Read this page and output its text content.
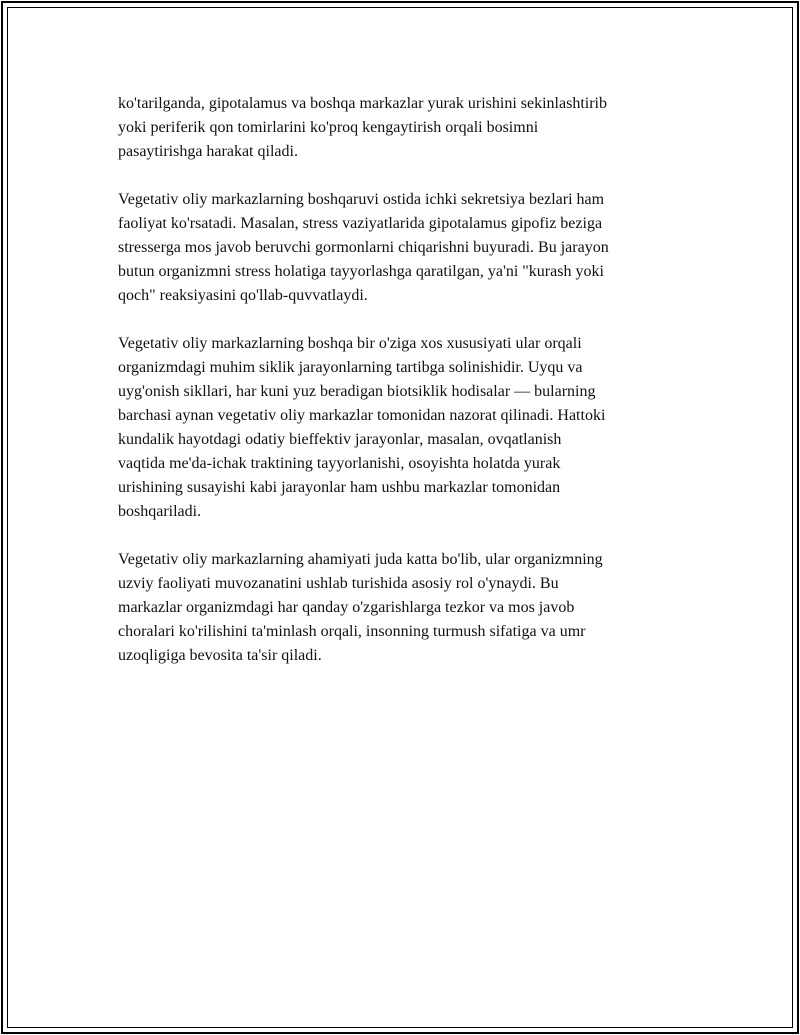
ko'tarilganda, gipotalamus va boshqa markazlar yurak urishini sekinlashtirib
yoki periferik qon tomirlarini ko'proq kengaytirish orqali bosimni
pasaytirishga harakat qiladi.

Vegetativ oliy markazlarning boshqaruvi ostida ichki sekretsiya bezlari ham
faoliyat ko'rsatadi. Masalan, stress vaziyatlarida gipotalamus gipofiz beziga
stresserga mos javob beruvchi gormonlarni chiqarishni buyuradi. Bu jarayon
butun organizmni stress holatiga tayyorlashga qaratilgan, ya'ni "kurash yoki
qoch" reaksiyasini qo'llab-quvvatlaydi.

Vegetativ oliy markazlarning boshqa bir o'ziga xos xususiyati ular orqali
organizmdagi muhim siklik jarayonlarning tartibga solinishidir. Uyqu va
uyg'onish sikllari, har kuni yuz beradigan biotsiklik hodisalar — bularning
barchasi aynan vegetativ oliy markazlar tomonidan nazorat qilinadi. Hattoki
kundalik hayotdagi odatiy bieffektiv jarayonlar, masalan, ovqatlanish
vaqtida me'da-ichak traktining tayyorlanishi, osoyishta holatda yurak
urishining susayishi kabi jarayonlar ham ushbu markazlar tomonidan
boshqariladi.

Vegetativ oliy markazlarning ahamiyati juda katta bo'lib, ular organizmning
uzviy faoliyati muvozanatini ushlab turishida asosiy rol o'ynaydi. Bu
markazlar organizmdagi har qanday o'zgarishlarga tezkor va mos javob
choralari ko'rilishini ta'minlash orqali, insonning turmush sifatiga va umr
uzoqligiga bevosita ta'sir qiladi.
